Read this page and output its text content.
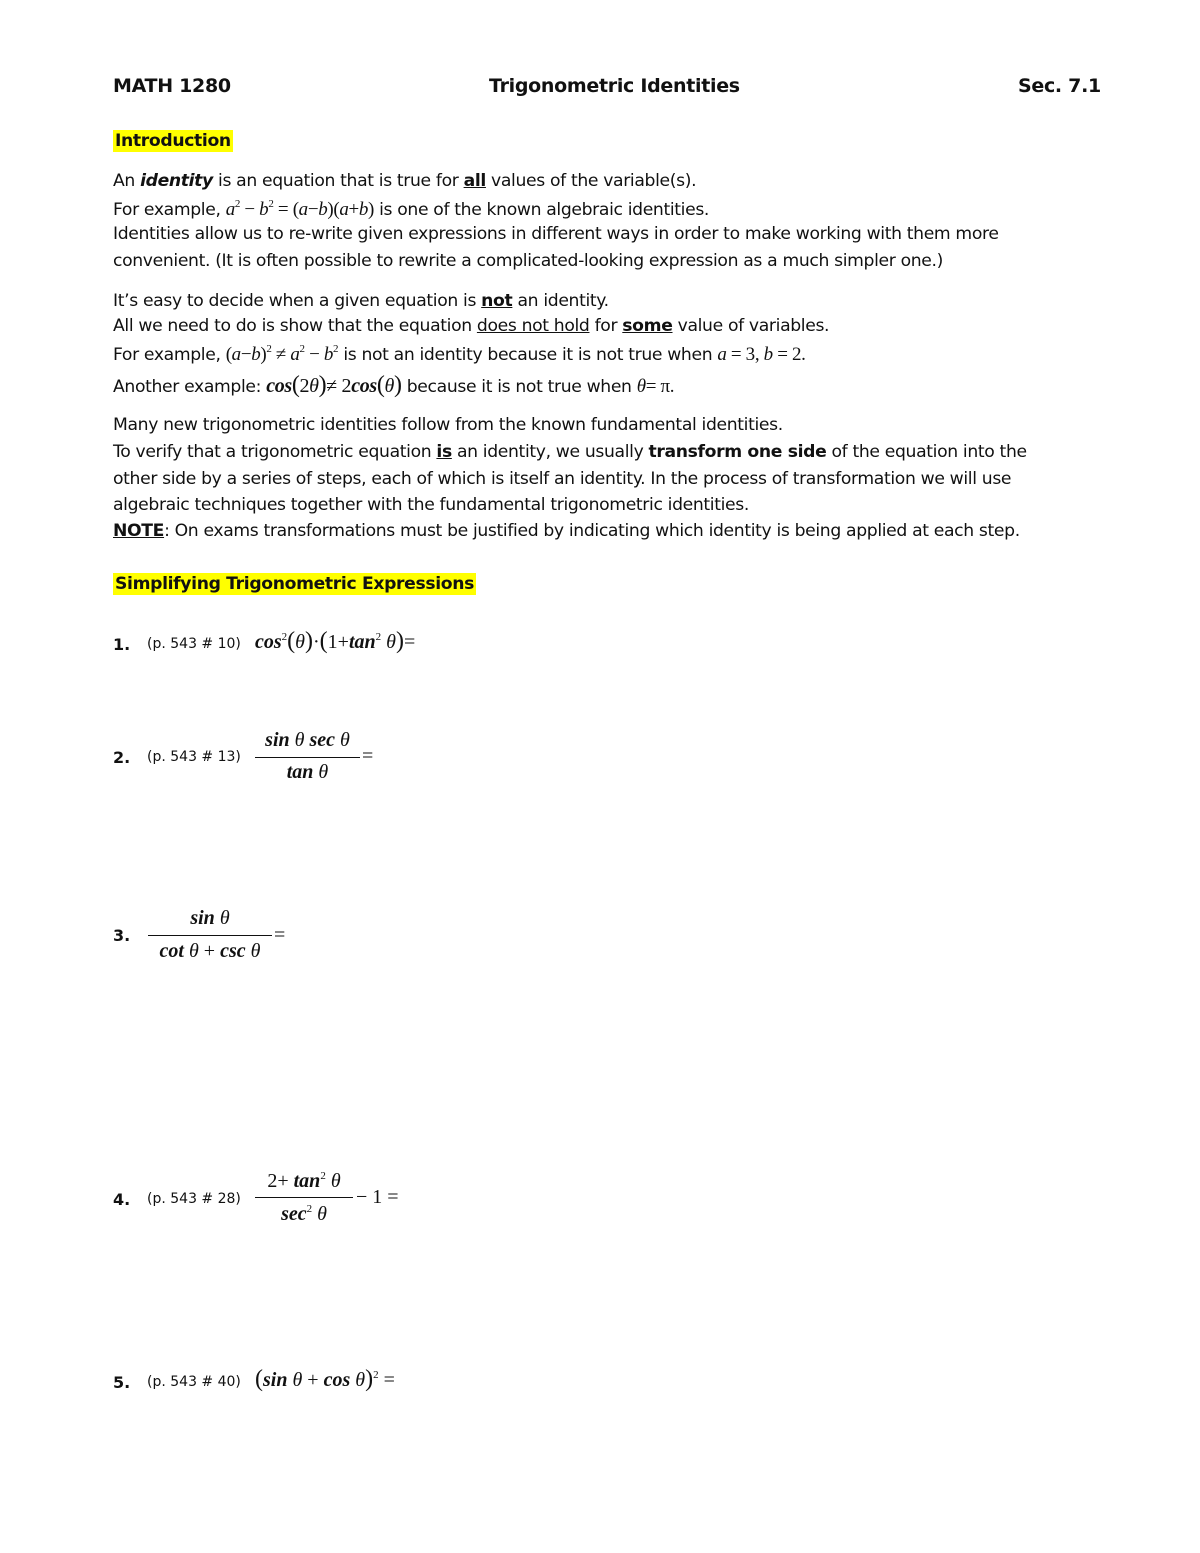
MATH 1280	Trigonometric Identities	Sec. 7.1
Introduction
An identity is an equation that is true for all values of the variable(s).
For example, $a^2 - b^2 = (a-b)(a+b)$ is one of the known algebraic identities.
Identities allow us to re-write given expressions in different ways in order to make working with them more
convenient. (It is often possible to rewrite a complicated-looking expression as a much simpler one.)
It’s easy to decide when a given equation is not an identity.
All we need to do is show that the equation does not hold for some value of variables.
For example, $(a-b)^2 \ne a^2 - b^2$ is not an identity because it is not true when a = 3, b = 2.
Another example: cos(2θ)≠ 2cos(θ) because it is not true when θ= π.
Many new trigonometric identities follow from the known fundamental identities.
To verify that a trigonometric equation is an identity, we usually transform one side of the equation into the
other side by a series of steps, each of which is itself an identity. In the process of transformation we will use
algebraic techniques together with the fundamental trigonometric identities.
NOTE: On exams transformations must be justified by indicating which identity is being applied at each step.
Simplifying Trigonometric Expressions
1. (p. 543 # 10) $\cos^2(\theta)\cdot(1+\tan^2$ θ)=
2. (p. 543 # 13)
sin θ sec θ
tan θ
=
3.
sin θ
cot θ + csc θ
=
4. (p. 543 # 28)
$2+ \tan^2 \theta$
$\sec^2 \theta$
− 1 =
5. (p. 543 # 40) (sin θ + cos θ)$^2$ =
